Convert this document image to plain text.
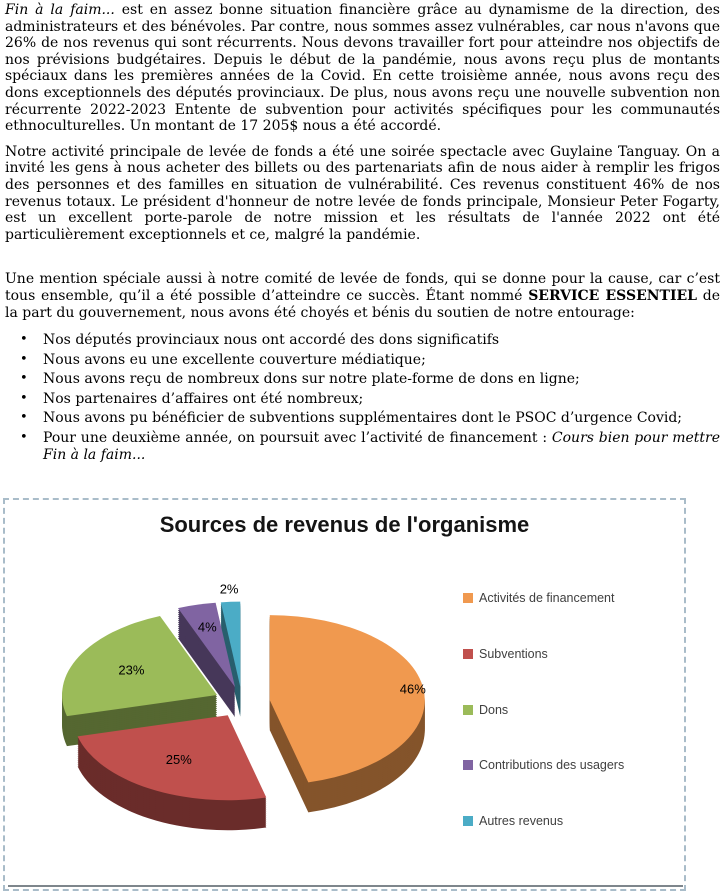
Fin à la faim... est en assez bonne situation financière grâce au dynamisme de la direction, des administrateurs et des bénévoles. Par contre, nous sommes assez vulnérables, car nous n'avons que 26% de nos revenus qui sont récurrents. Nous devons travailler fort pour atteindre nos objectifs de nos prévisions budgétaires. Depuis le début de la pandémie, nous avons reçu plus de montants spéciaux dans les premières années de la Covid. En cette troisième année, nous avons reçu des dons exceptionnels des députés provinciaux. De plus, nous avons reçu une nouvelle subvention non récurrente 2022-2023 Entente de subvention pour activités spécifiques pour les communautés ethnoculturelles. Un montant de 17 205$ nous a été accordé.

Notre activité principale de levée de fonds a été une soirée spectacle avec Guylaine Tanguay. On a invité les gens à nous acheter des billets ou des partenariats afin de nous aider à remplir les frigos des personnes et des familles en situation de vulnérabilité. Ces revenus constituent 46% de nos revenus totaux. Le président d'honneur de notre levée de fonds principale, Monsieur Peter Fogarty, est un excellent porte-parole de notre mission et les résultats de l'année 2022 ont été particulièrement exceptionnels et ce, malgré la pandémie.

Une mention spéciale aussi à notre comité de levée de fonds, qui se donne pour la cause, car c’est tous ensemble, qu’il a été possible d’atteindre ce succès. Étant nommé SERVICE ESSENTIEL de la part du gouvernement, nous avons été choyés et bénis du soutien de notre entourage:

• Nos députés provinciaux nous ont accordé des dons significatifs
• Nous avons eu une excellente couverture médiatique;
• Nous avons reçu de nombreux dons sur notre plate-forme de dons en ligne;
• Nos partenaires d’affaires ont été nombreux;
• Nous avons pu bénéficier de subventions supplémentaires dont le PSOC d’urgence Covid;
• Pour une deuxième année, on poursuit avec l’activité de financement : Cours bien pour mettre Fin à la faim...
Sources de revenus de l'organisme
46%
25%
23%
4%
2%
Activités de financement
Subventions
Dons
Contributions des usagers
Autres revenus
